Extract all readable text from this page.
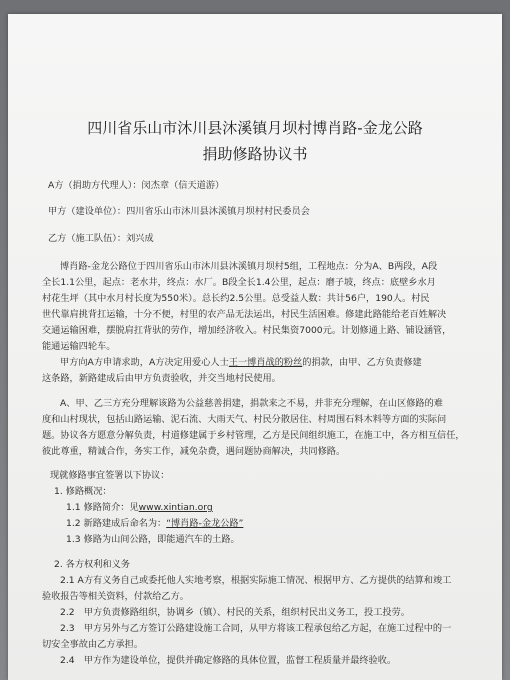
四川省乐山市沐川县沐溪镇月坝村博肖路-金龙公路
捐助修路协议书
A方（捐助方代理人）：闵杰章（信天道游）
甲方（建设单位）：四川省乐山市沐川县沐溪镇月坝村村民委员会
乙方（施工队伍）：刘兴成
博肖路-金龙公路位于四川省乐山市沐川县沐溪镇月坝村5组，工程地点：分为A、B两段，A段
全长1.1公里，起点：老水井，终点：水厂。B段全长1.4公里，起点：磨子坡，终点：底壁乡水月
村花生坪（其中水月村长度为550米）。总长约2.5公里。总受益人数：共计56户，190人。村民
世代靠肩挑背扛运输，十分不便，村里的农产品无法运出，村民生活困难。修建此路能给老百姓解决
交通运输困难，摆脱肩扛背驮的劳作，增加经济收入。村民集资7000元。计划修通上路、铺设涵管，
能通运输四轮车。
甲方向A方申请求助，A方决定用爱心人士王一博肖战的粉丝的捐款，由甲、乙方负责修建
这条路，新路建成后由甲方负责验收，并交当地村民使用。
A、甲、乙三方充分理解该路为公益慈善捐建，捐款来之不易，并非充分理解，在山区修路的难
度和山村现状，包括山路运输、泥石流、大雨天气、村民分散居住、村周围石料木料等方面的实际问
题。协议各方愿意分解负责，村道修建属于乡村管理，乙方是民间组织施工，在施工中，各方相互信任，
彼此尊重，精诚合作，务实工作，减免杂费，遇问题协商解决，共同修路。
现就修路事宜签署以下协议：
1. 修路概况：
1.1 修路简介：见www.xintian.org
1.2 新路建成后命名为：“博肖路-金龙公路”
1.3 修路为山间公路，即能通汽车的土路。
2. 各方权利和义务
2.1 A方有义务自己或委托他人实地考察，根据实际施工情况、根据甲方、乙方提供的结算和竣工
验收报告等相关资料，付款给乙方。
2.2　甲方负责修路组织，协调乡（镇）、村民的关系，组织村民出义务工，投工投劳。
2.3　甲方另外与乙方签订公路建设施工合同，从甲方将该工程承包给乙方起，在施工过程中的一
切安全事故由乙方承担。
2.4　甲方作为建设单位，提供并确定修路的具体位置，监督工程质量并最终验收。
